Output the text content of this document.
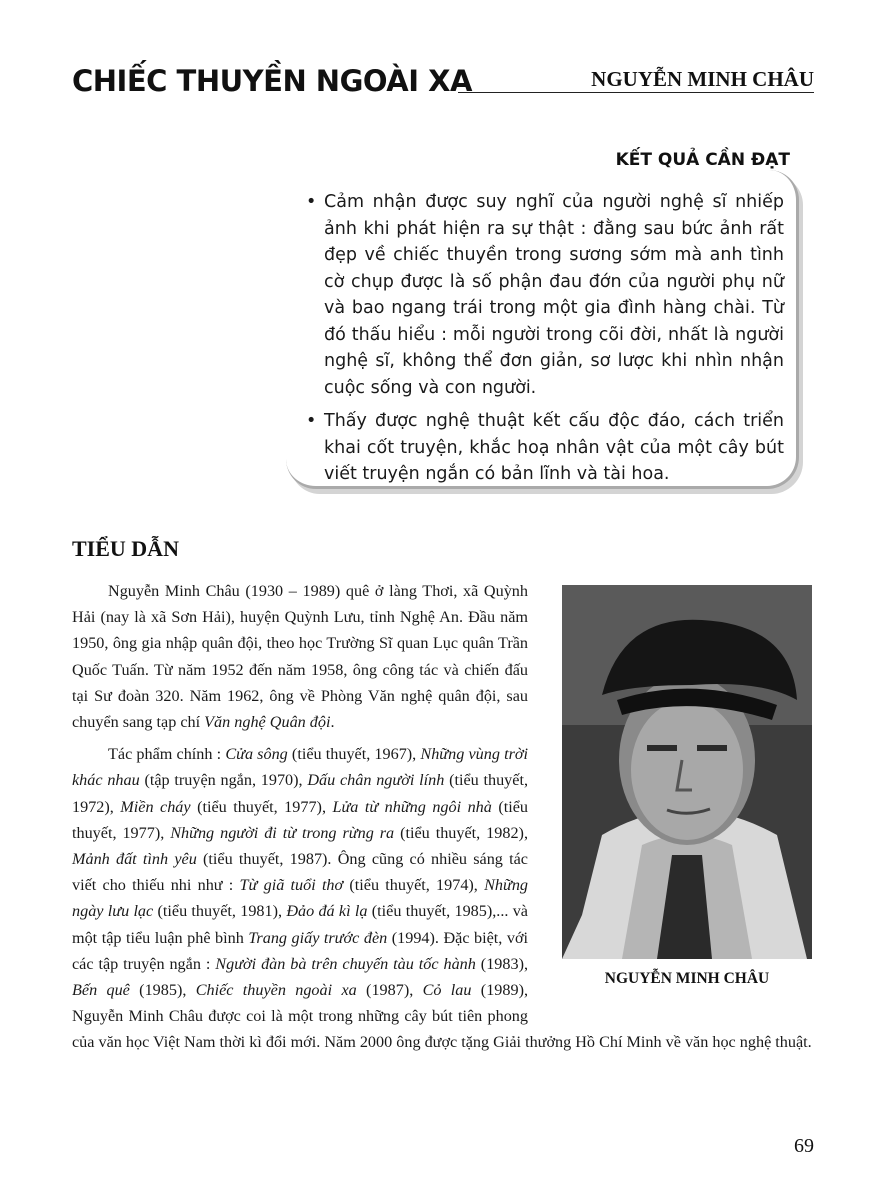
CHIẾC THUYỀN NGOÀI XA	NGUYỄN MINH CHÂU
KẾT QUẢ CẦN ĐẠT
• Cảm nhận được suy nghĩ của người nghệ sĩ nhiếp ảnh khi phát hiện ra sự thật : đằng sau bức ảnh rất đẹp về chiếc thuyền trong sương sớm mà anh tình cờ chụp được là số phận đau đớn của người phụ nữ và bao ngang trái trong một gia đình hàng chài. Từ đó thấu hiểu : mỗi người trong cõi đời, nhất là người nghệ sĩ, không thể đơn giản, sơ lược khi nhìn nhận cuộc sống và con người.
• Thấy được nghệ thuật kết cấu độc đáo, cách triển khai cốt truyện, khắc hoạ nhân vật của một cây bút viết truyện ngắn có bản lĩnh và tài hoa.
TIỂU DẪN

Nguyễn Minh Châu (1930 – 1989) quê ở làng Thơi, xã Quỳnh Hải (nay là xã Sơn Hải), huyện Quỳnh Lưu, tỉnh Nghệ An. Đầu năm 1950, ông gia nhập quân đội, theo học Trường Sĩ quan Lục quân Trần Quốc Tuấn. Từ năm 1952 đến năm 1958, ông công tác và chiến đấu tại Sư đoàn 320. Năm 1962, ông về Phòng Văn nghệ quân đội, sau chuyển sang tạp chí Văn nghệ Quân đội.

Tác phẩm chính : Cửa sông (tiểu thuyết, 1967), Những vùng trời khác nhau (tập truyện ngắn, 1970), Dấu chân người lính (tiểu thuyết, 1972), Miền cháy (tiểu thuyết, 1977), Lửa từ những ngôi nhà (tiểu thuyết, 1977), Những người đi từ trong rừng ra (tiểu thuyết, 1982), Mảnh đất tình yêu (tiểu thuyết, 1987). Ông cũng có nhiều sáng tác viết cho thiếu nhi như : Từ giã tuổi thơ (tiểu thuyết, 1974), Những ngày lưu lạc (tiểu thuyết, 1981), Đảo đá kì lạ (tiểu thuyết, 1985),... và một tập tiểu luận phê bình Trang giấy trước đèn (1994). Đặc biệt, với các tập truyện ngắn : Người đàn bà trên chuyến tàu tốc hành (1983), Bến quê (1985), Chiếc thuyền ngoài xa (1987), Cỏ lau (1989), Nguyễn Minh Châu được coi là một trong những cây bút tiên phong của văn học Việt Nam thời kì đổi mới. Năm 2000 ông được tặng Giải thưởng Hồ Chí Minh về văn học nghệ thuật.

NGUYỄN MINH CHÂU
69
